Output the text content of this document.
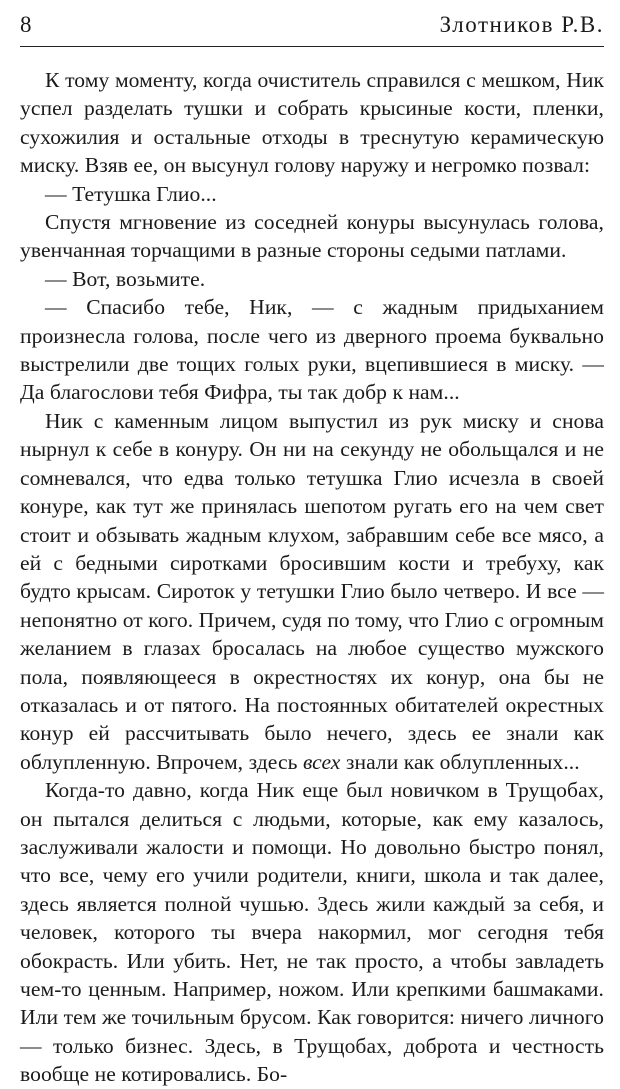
8	Злотников Р.В.

К тому моменту, когда очиститель справился с мешком, Ник успел разделать тушки и собрать крысиные кости, пленки, сухожилия и остальные отходы в треснутую керамическую миску. Взяв ее, он высунул голову наружу и негромко позвал:

— Тетушка Глио...

Спустя мгновение из соседней конуры высунулась голова, увенчанная торчащими в разные стороны седыми патлами.

— Вот, возьмите.

— Спасибо тебе, Ник, — с жадным придыханием произнесла голова, после чего из дверного проема буквально выстрелили две тощих голых руки, вцепившиеся в миску. — Да благослови тебя Фифра, ты так добр к нам...

Ник с каменным лицом выпустил из рук миску и снова нырнул к себе в конуру. Он ни на секунду не обольщался и не сомневался, что едва только тетушка Глио исчезла в своей конуре, как тут же принялась шепотом ругать его на чем свет стоит и обзывать жадным клухом, забравшим себе все мясо, а ей с бедными сиротками бросившим кости и требуху, как будто крысам. Сироток у тетушки Глио было четверо. И все — непонятно от кого. Причем, судя по тому, что Глио с огромным желанием в глазах бросалась на любое существо мужского пола, появляющееся в окрестностях их конур, она бы не отказалась и от пятого. На постоянных обитателей окрестных конур ей рассчитывать было нечего, здесь ее знали как облупленную. Впрочем, здесь всех знали как облупленных...

Когда-то давно, когда Ник еще был новичком в Трущобах, он пытался делиться с людьми, которые, как ему казалось, заслуживали жалости и помощи. Но довольно быстро понял, что все, чему его учили родители, книги, школа и так далее, здесь является полной чушью. Здесь жили каждый за себя, и человек, которого ты вчера накормил, мог сегодня тебя обокрасть. Или убить. Нет, не так просто, а чтобы завладеть чем-то ценным. Например, ножом. Или крепкими башмаками. Или тем же точильным брусом. Как говорится: ничего личного — только бизнес. Здесь, в Трущобах, доброта и честность вообще не котировались. Бо-
